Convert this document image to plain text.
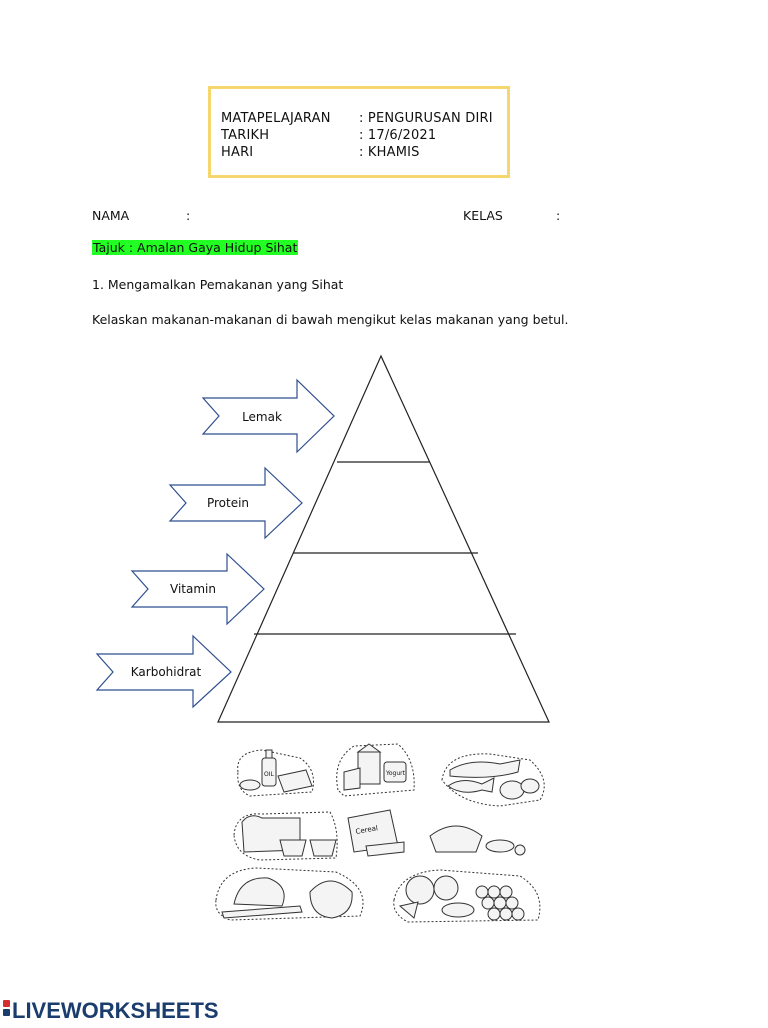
MATAPELAJARAN : PENGURUSAN DIRI
TARIKH	: 17/6/2021
HARI	: KHAMIS
NAMA	:	KELAS	:
Tajuk : Amalan Gaya Hidup Sihat
1. Mengamalkan Pemakanan yang Sihat
Kelaskan makanan-makanan di bawah mengikut kelas makanan yang betul.
Lemak
Protein
Vitamin
Karbohidrat
OIL	Yogurt
Cereal
LIVEWORKSHEETS
